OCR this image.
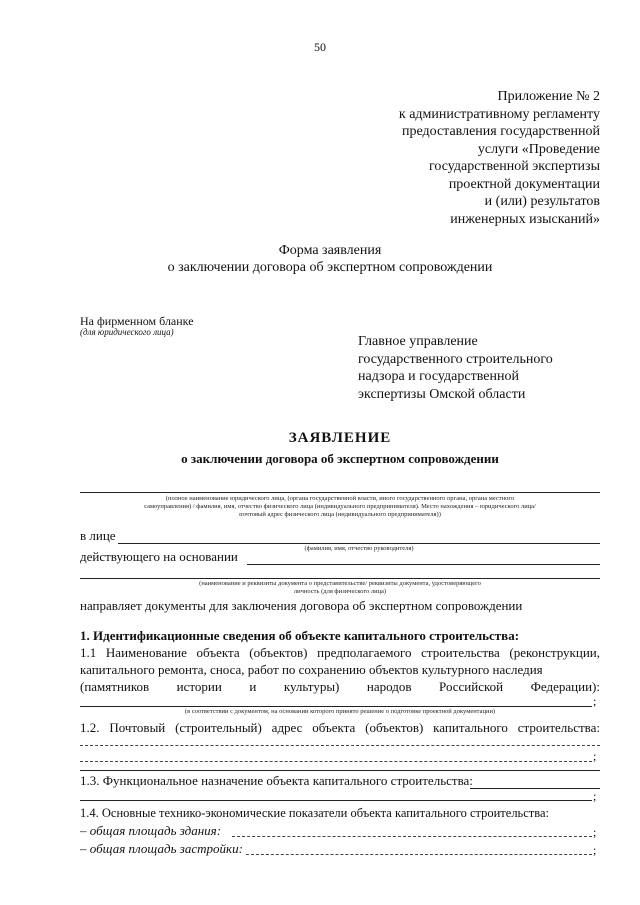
50
Приложение № 2
к административному регламенту
предоставления государственной
услуги «Проведение
государственной экспертизы
проектной документации
и (или) результатов
инженерных изысканий»
Форма заявления
о заключении договора об экспертном сопровождении
На фирменном бланке
(для юридического лица)
Главное управление
государственного строительного
надзора и государственной
экспертизы Омской области
ЗАЯВЛЕНИЕ
о заключении договора об экспертном сопровождении
(полное наименование юридического лица, (органа государственной власти, иного государственного органа, органа местного
самоуправления) / фамилия, имя, отчество физического лица (индивидуального предпринимателя). Место нахождения – юридического лица/
почтовый адрес физического лица (индивидуального предпринимателя))
в лице
(фамилия, имя, отчество руководителя)
действующего на основании
(наименование и реквизиты документа о представительстве/ реквизиты документа, удостоверяющего
личность (для физического лица)
направляет документы для заключения договора об экспертном сопровождении
1. Идентификационные сведения об объекте капитального строительства:
1.1 Наименование объекта (объектов) предполагаемого строительства (реконструкции, капитального ремонта, сноса, работ по сохранению объектов культурного наследия
(памятников истории и культуры) народов Российской Федерации):
;
(в соответствии с документом, на основании которого принято решение о подготовке проектной документации)
1.2. Почтовый (строительный) адрес объекта (объектов) капитального строительства:
;
1.3. Функциональное назначение объекта капитального строительства:
;
1.4. Основные технико-экономические показатели объекта капитального строительства:
– общая площадь здания:	;
– общая площадь застройки:	;
